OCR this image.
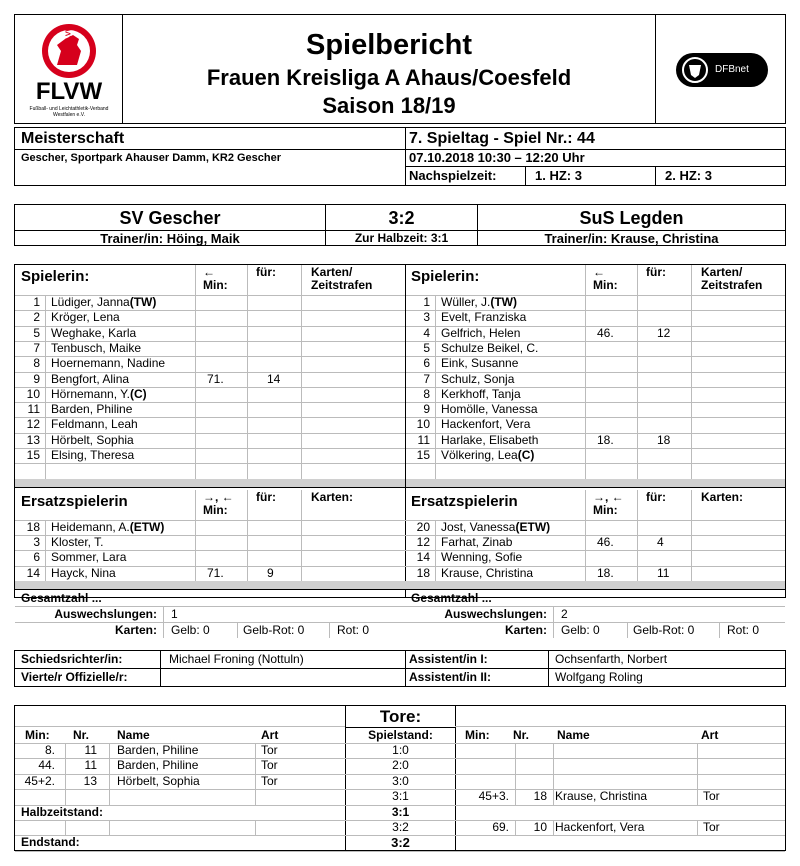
FLVW
FLVW
Fußball- und Leichtathletik-Verband
Westfalen e.V.
Spielbericht
Frauen Kreisliga A Ahaus/Coesfeld
Saison 18/19
DFBnet
Meisterschaft
Gescher, Sportpark Ahauser Damm, KR2 Gescher
7. Spieltag - Spiel Nr.: 44
07.10.2018 10:30 – 12:20 Uhr
Nachspielzeit:	1. HZ: 3	2. HZ: 3
SV Gescher	3:2	SuS Legden
Trainer/in: Höing, Maik	Zur Halbzeit: 3:1	Trainer/in: Krause, Christina
Spielerin:	←
Min:
für:	Karten/
Zeitstrafen
1 Lüdiger, Janna(TW)
2 Kröger, Lena
5 Weghake, Karla
7 Tenbusch, Maike
8 Hoernemann, Nadine
9 Bengfort, Alina	71.	14
10 Hörnemann, Y.(C)
11 Barden, Philine
12 Feldmann, Leah
13 Hörbelt, Sophia
15 Elsing, Theresa
Spielerin:	←
Min:
für:	Karten/
Zeitstrafen
1 Wüller, J.(TW)
3 Evelt, Franziska
4 Gelfrich, Helen	46.	12
5 Schulze Beikel, C.
6 Eink, Susanne
7 Schulz, Sonja
8 Kerkhoff, Tanja
9 Homölle, Vanessa
10 Hackenfort, Vera
11 Harlake, Elisabeth	18.	18
15 Völkering, Lea(C)
Ersatzspielerin	→, ←
Min:
für:	Karten:
18 Heidemann, A.(ETW)
3 Kloster, T.
6 Sommer, Lara
14 Hayck, Nina	71.	9
Ersatzspielerin	→, ←
Min:
für:	Karten:
20 Jost, Vanessa(ETW)
12 Farhat, Zinab	46.	4
14 Wenning, Sofie
18 Krause, Christina	18.	11
Gesamtzahl ...
Auswechslungen: 1
Karten: Gelb: 0	Gelb-Rot: 0	Rot: 0
Gesamtzahl ...
Auswechslungen: 2
Karten: Gelb: 0	Gelb-Rot: 0	Rot: 0
Schiedsrichter/in:	Michael Froning (Nottuln)
Vierte/r Offizielle/r:
Assistent/in I:	Ochsenfarth, Norbert
Assistent/in II:	Wolfgang Roling
Tore:
Min:	Min:
Nr.	Nr.
Name	Name
Art	Art
Spielstand:
8.	11 Barden, Philine	Tor	1:0
44.	11 Barden, Philine	Tor	2:0
45+2.	13 Hörbelt, Sophia	Tor	3:0
3:1	45+3.	18 Krause, Christina	Tor
Halbzeitstand:	3:1
3:2	69.	10 Hackenfort, Vera	Tor
Endstand:	3:2
